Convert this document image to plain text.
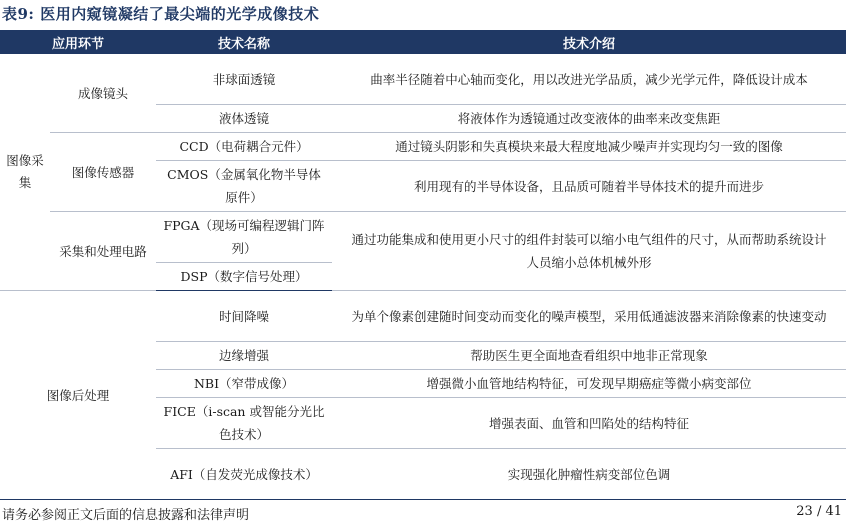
表9: 医用内窥镜凝结了最尖端的光学成像技术
应用环节		技术名称	技术介绍
图像采集	成像镜头	非球面透镜	曲率半径随着中心轴而变化，用以改进光学品质，减少光学元件，降低设计成本
		液体透镜	将液体作为透镜通过改变液体的曲率来改变焦距
	图像传感器	CCD（电荷耦合元件）	通过镜头阴影和失真模块来最大程度地减少噪声并实现均匀一致的图像
		CMOS（金属氧化物半导体原件）	利用现有的半导体设备，且品质可随着半导体技术的提升而进步
	采集和处理电路	FPGA（现场可编程逻辑门阵列）	通过功能集成和使用更小尺寸的组件封装可以缩小电气组件的尺寸，从而帮助系统设计人员缩小总体机械外形
		DSP（数字信号处理）	
图像后处理		时间降噪	为单个像素创建随时间变动而变化的噪声模型，采用低通滤波器来消除像素的快速变动
		边缘增强	帮助医生更全面地查看组织中地非正常现象
		NBI（窄带成像）	增强微小血管地结构特征，可发现早期癌症等微小病变部位
		FICE（i-scan 或智能分光比色技术）	增强表面、血管和凹陷处的结构特征
		AFI（自发荧光成像技术）	实现强化肿瘤性病变部位色调
请务必参阅正文后面的信息披露和法律声明	23 / 41
